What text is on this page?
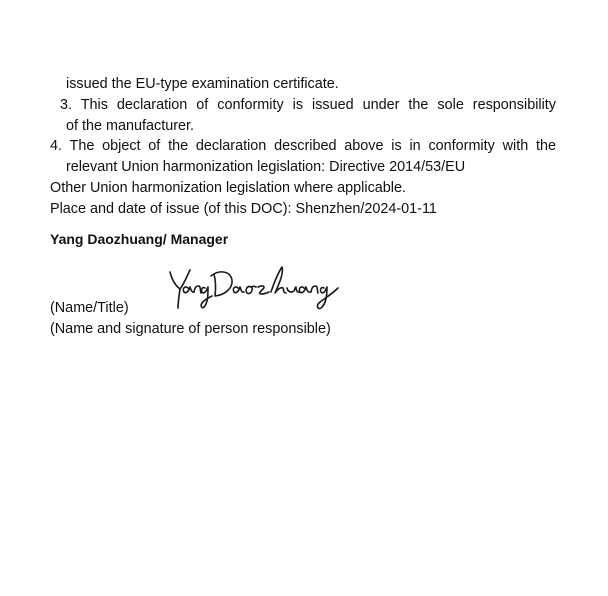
issued the EU-type examination certificate.
3. This declaration of conformity is issued under the sole responsibility
of the manufacturer.
4. The object of the declaration described above is in conformity with the
relevant Union harmonization legislation: Directive 2014/53/EU
Other Union harmonization legislation where applicable.
Place and date of issue (of this DOC): Shenzhen/2024-01-11
Yang Daozhuang/ Manager
(Name/Title)
(Name and signature of person responsible)
